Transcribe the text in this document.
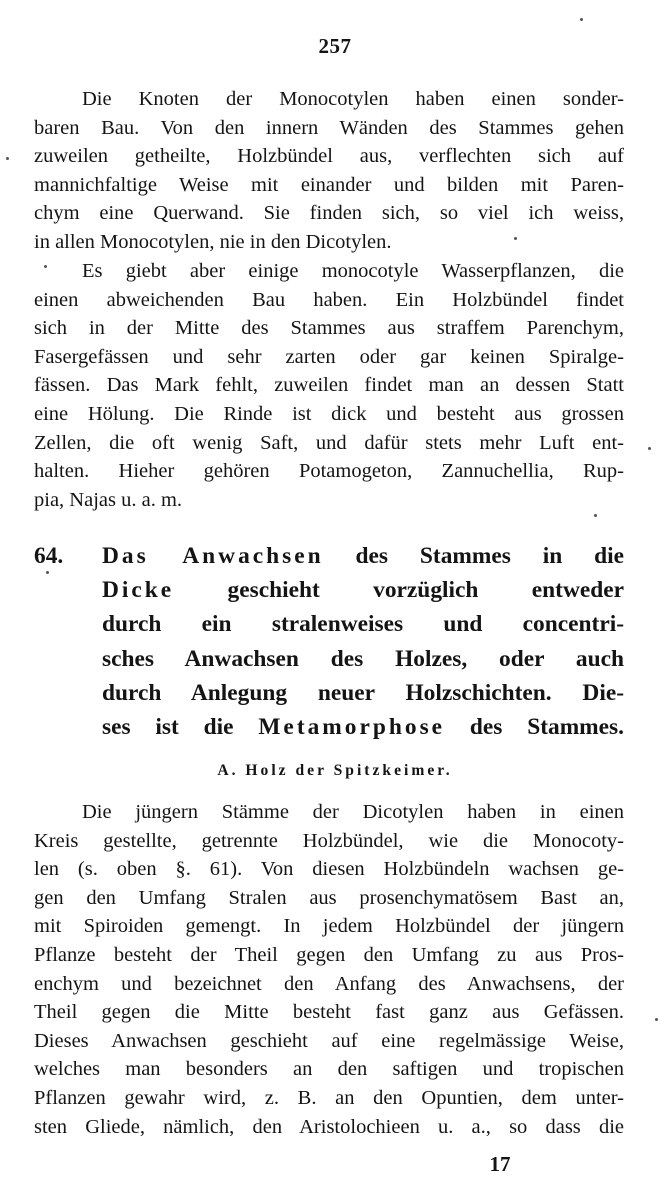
257
Die Knoten der Monocotylen haben einen sonder-
baren Bau. Von den innern Wänden des Stammes gehen
zuweilen getheilte, Holzbündel aus, verflechten sich auf
mannichfaltige Weise mit einander und bilden mit Paren-
chym eine Querwand. Sie finden sich, so viel ich weiss,
in allen Monocotylen, nie in den Dicotylen.
Es giebt aber einige monocotyle Wasserpflanzen, die
einen abweichenden Bau haben. Ein Holzbündel findet
sich in der Mitte des Stammes aus straffem Parenchym,
Fasergefässen und sehr zarten oder gar keinen Spiralge-
fässen. Das Mark fehlt, zuweilen findet man an dessen Statt
eine Hölung. Die Rinde ist dick und besteht aus grossen
Zellen, die oft wenig Saft, und dafür stets mehr Luft ent-
halten. Hieher gehören Potamogeton, Zannuchellia, Rup-
pia, Najas u. a. m.
64.	Das Anwachsen des Stammes in die
Dicke geschieht vorzüglich entweder
durch ein stralenweises und concentri-
sches Anwachsen des Holzes, oder auch
durch Anlegung neuer Holzschichten. Die-
ses ist die Metamorphose des Stammes.
A. Holz der Spitzkeimer.
Die jüngern Stämme der Dicotylen haben in einen
Kreis gestellte, getrennte Holzbündel, wie die Monocoty-
len (s. oben §. 61). Von diesen Holzbündeln wachsen ge-
gen den Umfang Stralen aus prosenchymatösem Bast an,
mit Spiroiden gemengt. In jedem Holzbündel der jüngern
Pflanze besteht der Theil gegen den Umfang zu aus Pros-
enchym und bezeichnet den Anfang des Anwachsens, der
Theil gegen die Mitte besteht fast ganz aus Gefässen.
Dieses Anwachsen geschieht auf eine regelmässige Weise,
welches man besonders an den saftigen und tropischen
Pflanzen gewahr wird, z. B. an den Opuntien, dem unter-
sten Gliede, nämlich, den Aristolochieen u. a., so dass die
17
